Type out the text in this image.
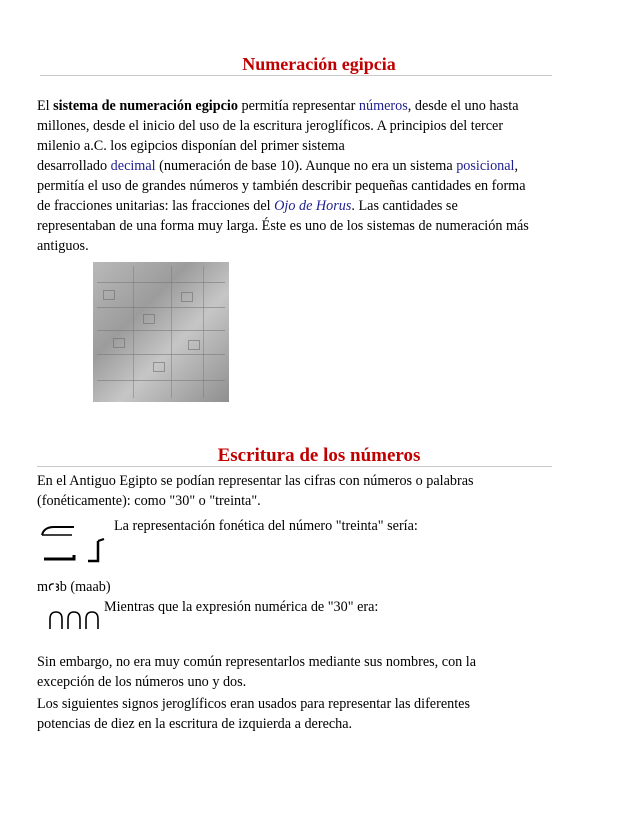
Numeración egipcia
El sistema de numeración egipcio permitía representar números, desde el uno hasta
millones, desde el inicio del uso de la escritura jeroglíficos. A principios del tercer
milenio a.C. los egipcios disponían del primer sistema
desarrollado decimal (numeración de base 10). Aunque no era un sistema posicional,
permitía el uso de grandes números y también describir pequeñas cantidades en forma
de fracciones unitarias: las fracciones del Ojo de Horus. Las cantidades se
representaban de una forma muy larga. Éste es uno de los sistemas de numeración más
antiguos.
Escritura de los números
En el Antiguo Egipto se podían representar las cifras con números o palabras
(fonéticamente): como "30" o "treinta".
La representación fonética del número "treinta" sería:
mꜥꜣb (maab)
Mientras que la expresión numérica de "30" era:
Sin embargo, no era muy común representarlos mediante sus nombres, con la
excepción de los números uno y dos.
Los siguientes signos jeroglíficos eran usados para representar las diferentes
potencias de diez en la escritura de izquierda a derecha.
